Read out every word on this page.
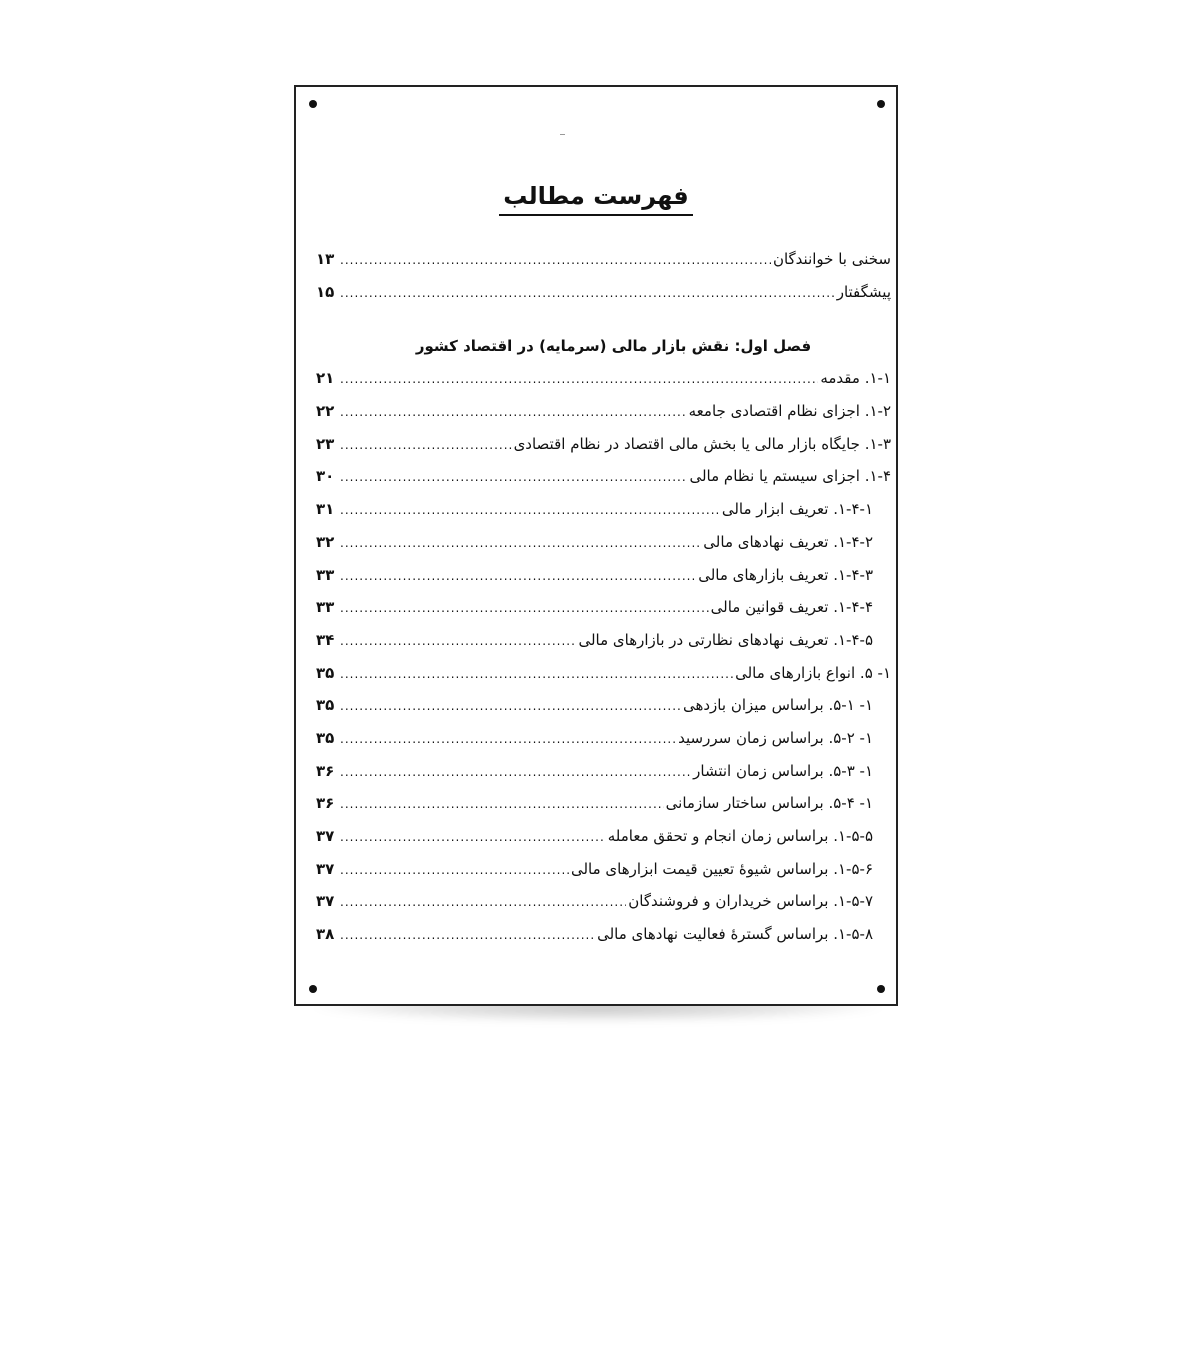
فهرست مطالب
سخنی با خوانندگان
.....
۱۳
پیشگفتار
.....
۱۵
فصل اول: نقش بازار مالی (سرمایه) در اقتصاد کشور
۱-۱. مقدمه
.....
۲۱
۱-۲. اجزای نظام اقتصادی جامعه
.....
۲۲
۱-۳. جایگاه بازار مالی یا بخش مالی اقتصاد در نظام اقتصادی
.....
۲۳
۱-۴. اجزای سیستم یا نظام مالی
.....
۳۰
۱-۴-۱. تعریف ابزار مالی
.....
۳۱
۱-۴-۲. تعریف نهادهای مالی
.....
۳۲
۱-۴-۳. تعریف بازارهای مالی
.....
۳۳
۱-۴-۴. تعریف قوانین مالی
.....
۳۳
۱-۴-۵. تعریف نهادهای نظارتی در بازارهای مالی
.....
۳۴
۱- ۵. انواع بازارهای مالی
.....
۳۵
۱- ۵-۱. براساس میزان بازدهی
.....
۳۵
۱- ۵-۲. براساس زمان سررسید
.....
۳۵
۱- ۵-۳. براساس زمان انتشار
.....
۳۶
۱- ۵-۴. براساس ساختار سازمانی
.....
۳۶
۱-۵-۵. براساس زمان انجام و تحقق معامله
.....
۳۷
۱-۵-۶. براساس شیوهٔ تعیین قیمت ابزارهای مالی
.....
۳۷
۱-۵-۷. براساس خریداران و فروشندگان
.....
۳۷
۱-۵-۸. براساس گسترهٔ فعالیت نهادهای مالی
.....
۳۸
